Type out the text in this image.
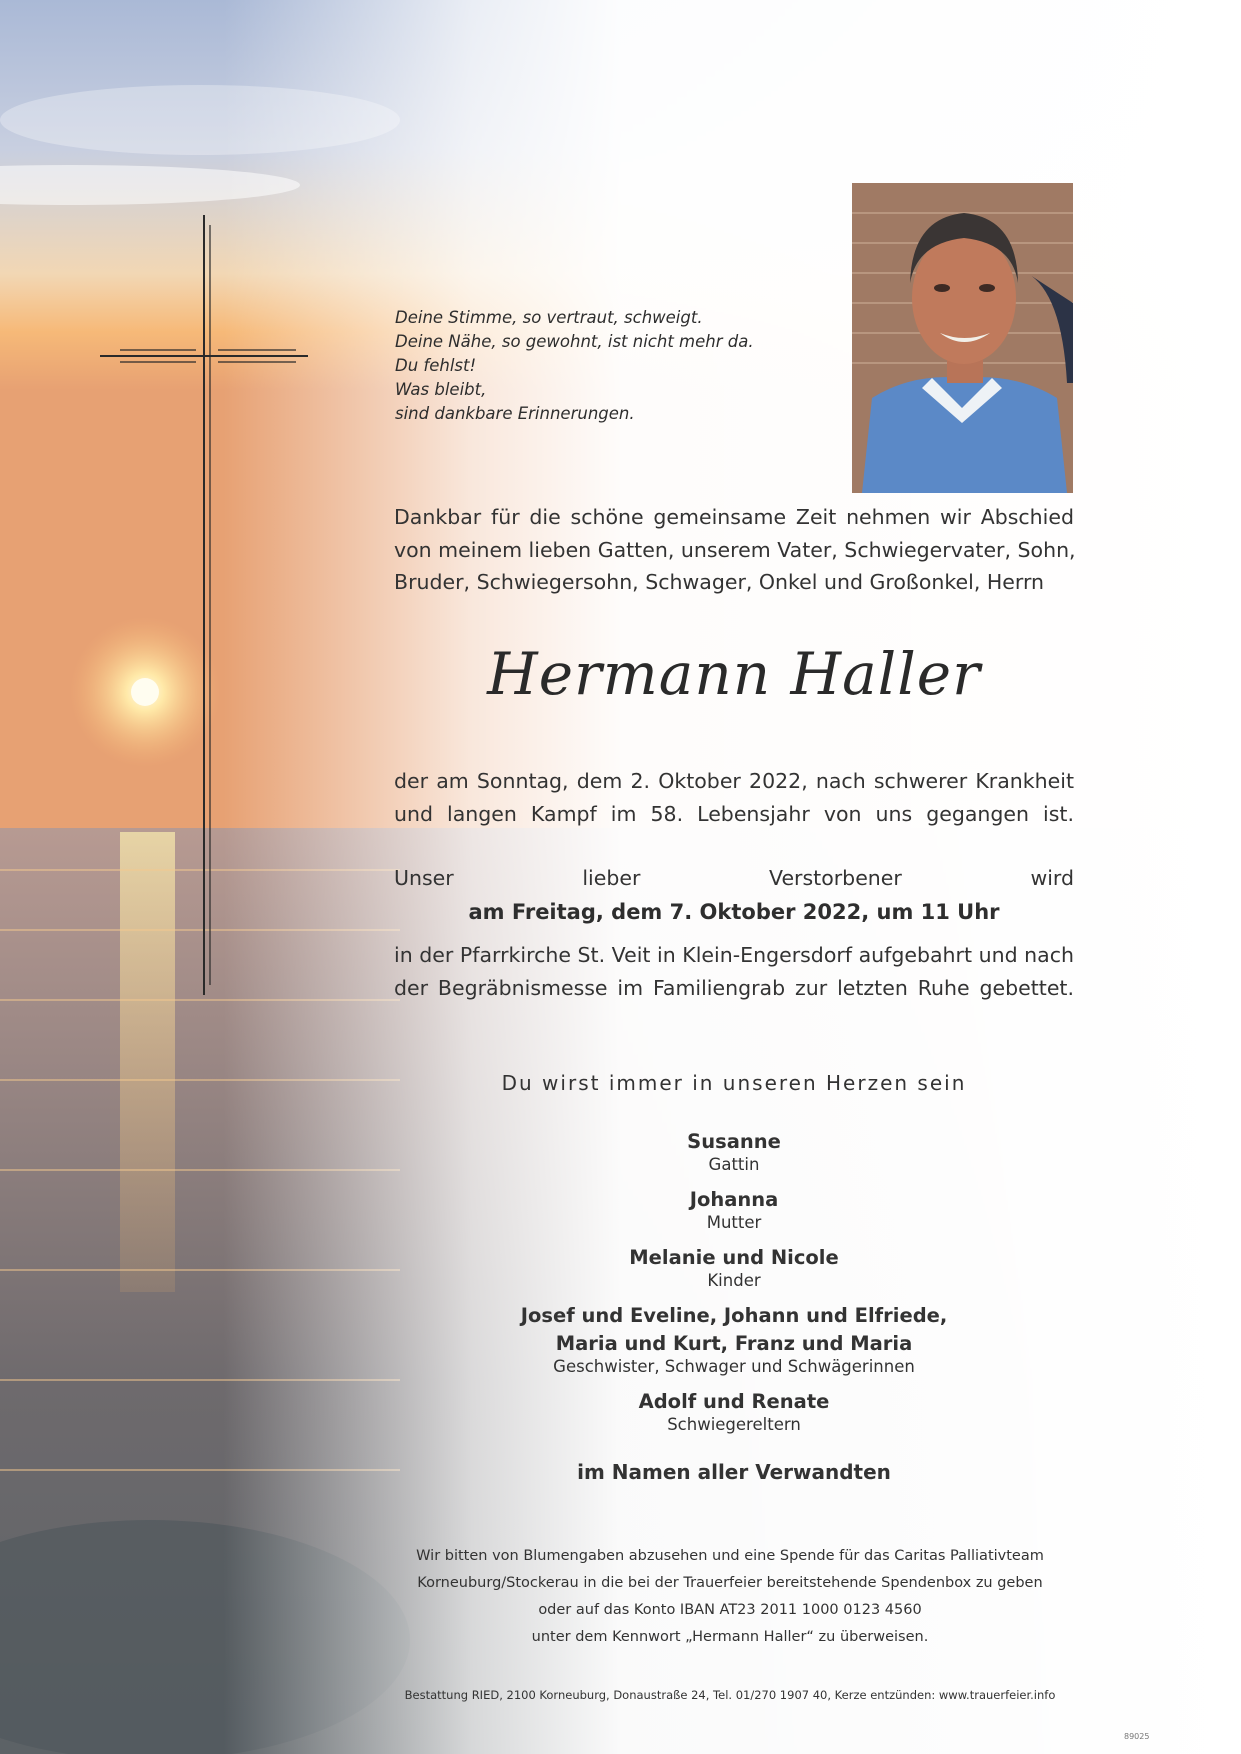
Deine Stimme, so vertraut, schweigt.
Deine Nähe, so gewohnt, ist nicht mehr da.
Du fehlst!
Was bleibt,
sind dankbare Erinnerungen.
Dankbar für die schöne gemeinsame Zeit nehmen wir Abschied
von meinem lieben Gatten, unserem Vater, Schwiegervater, Sohn,
Bruder, Schwiegersohn, Schwager, Onkel und Großonkel, Herrn
Hermann Haller
der am Sonntag, dem 2. Oktober 2022, nach schwerer Krankheit
und langen Kampf im 58. Lebensjahr von uns gegangen ist.
Unser lieber Verstorbener wird
am Freitag, dem 7. Oktober 2022, um 11 Uhr
in der Pfarrkirche St. Veit in Klein-Engersdorf aufgebahrt und nach
der Begräbnismesse im Familiengrab zur letzten Ruhe gebettet.
Du wirst immer in unseren Herzen sein
Susanne
Gattin
Johanna
Mutter
Melanie und Nicole
Kinder
Josef und Eveline, Johann und Elfriede,
Maria und Kurt, Franz und Maria
Geschwister, Schwager und Schwägerinnen
Adolf und Renate
Schwiegereltern
im Namen aller Verwandten
Wir bitten von Blumengaben abzusehen und eine Spende für das Caritas Palliativteam
Korneuburg/Stockerau in die bei der Trauerfeier bereitstehende Spendenbox zu geben
oder auf das Konto IBAN AT23 2011 1000 0123 4560
unter dem Kennwort „Hermann Haller“ zu überweisen.
Bestattung RIED, 2100 Korneuburg, Donaustraße 24, Tel. 01/270 1907 40, Kerze entzünden: www.trauerfeier.info
89025
